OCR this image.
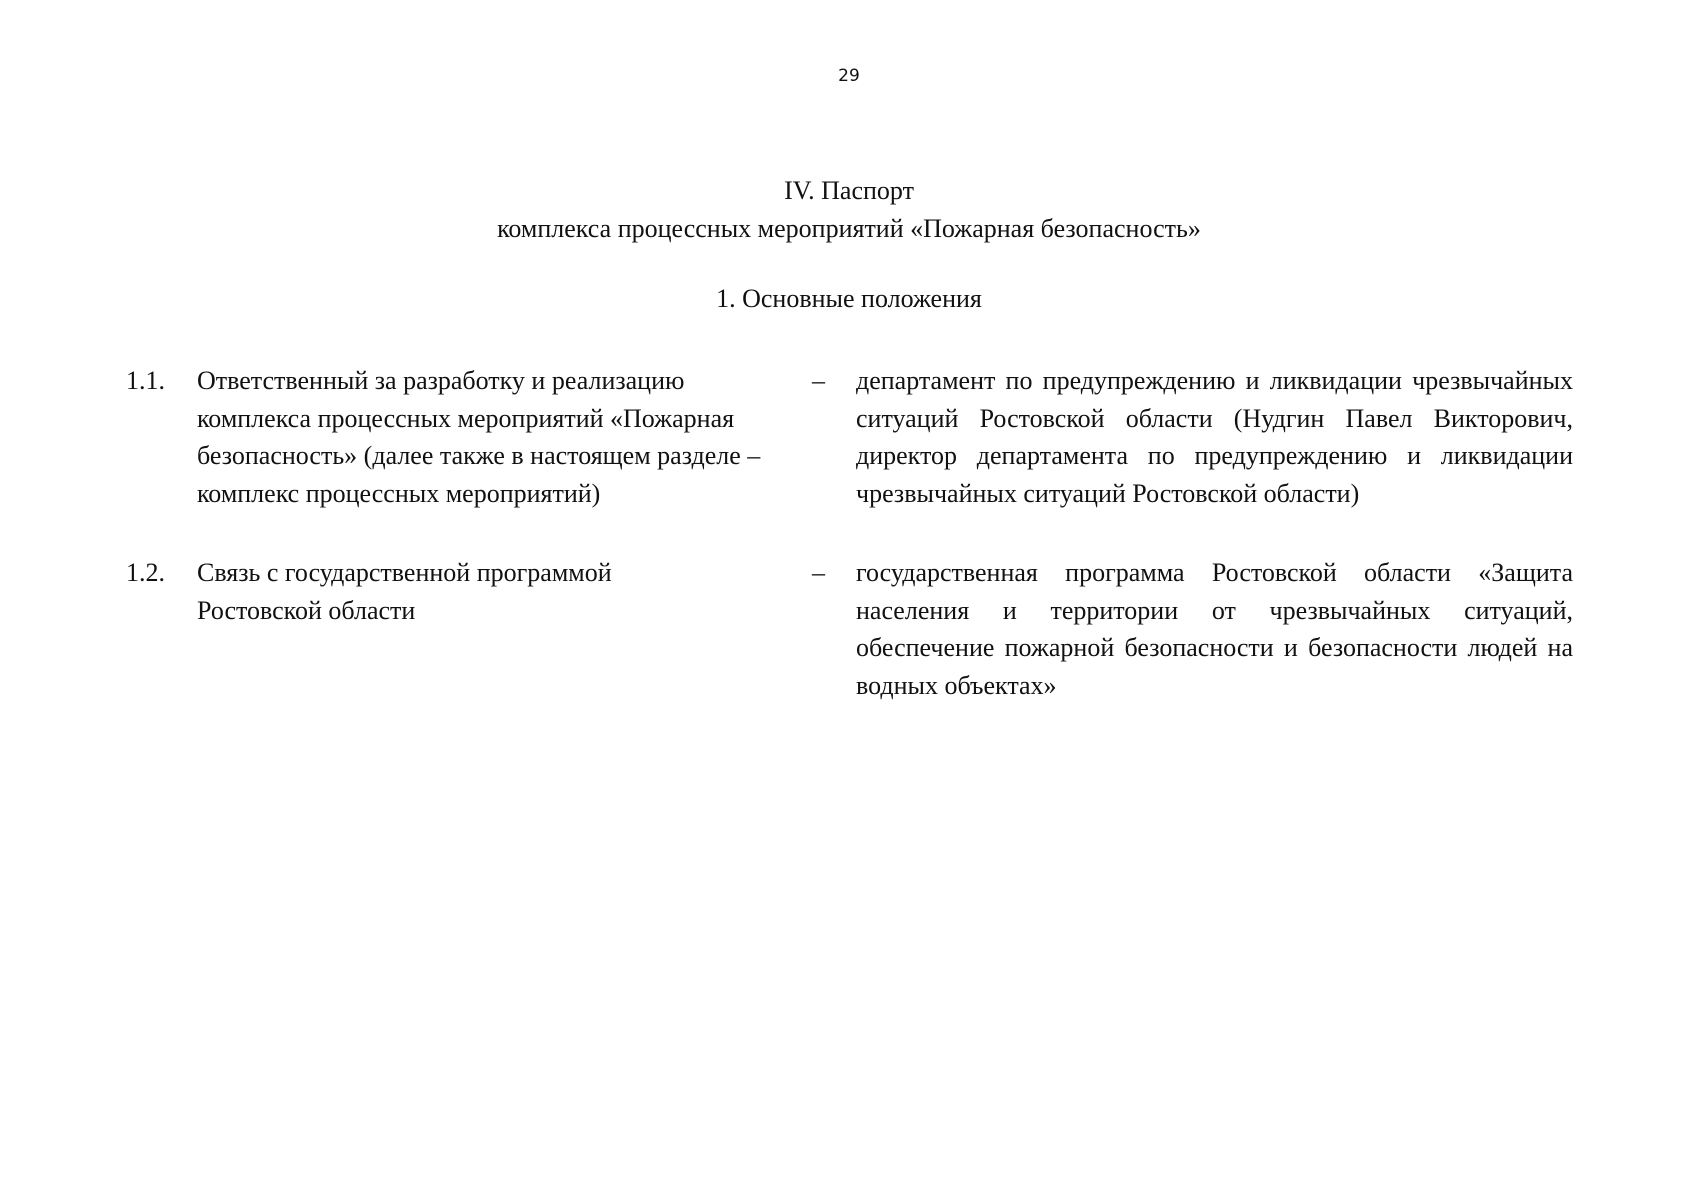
29
IV. Паспорт
комплекса процессных мероприятий «Пожарная безопасность»
1. Основные положения
1.1. Ответственный за разработку и реализацию комплекса процессных мероприятий «Пожарная безопасность» (далее также в настоящем разделе – комплекс процессных мероприятий)
– департамент по предупреждению и ликвидации чрезвычайных ситуаций Ростовской области (Нудгин Павел Викторович, директор департамента по предупреждению и ликвидации чрезвычайных ситуаций Ростовской области)
1.2. Связь с государственной программой Ростовской области
– государственная программа Ростовской области «Защита населения и территории от чрезвычайных ситуаций, обеспечение пожарной безопасности и безопасности людей на водных объектах»
